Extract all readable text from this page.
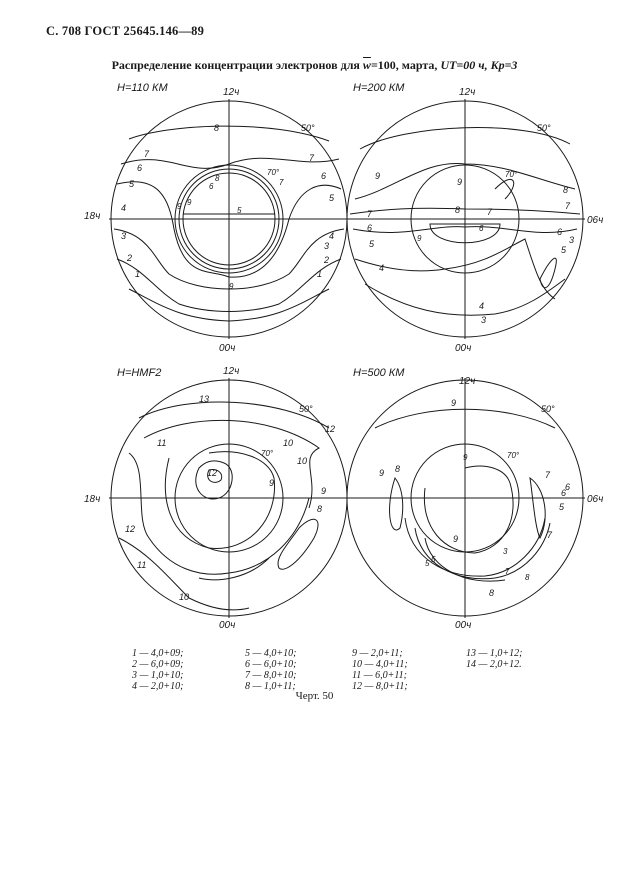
С. 708 ГОСТ 25645.146—89
Распределение концентрации электронов для $\overline{w}=100$, марта, UT=00 ч, Kp=3
H=110 КМ	12ч
18ч
00ч
50°
70°
8
7	7
6
6
5
5
4
4
3
3
2	2
1	1
8
9
9
5
9
7
6
H=200 КМ	12ч
06ч
00ч
50°
70°
9
9
8
8
7	7
7
6	6
5
5
4
4
3
3
9
6
H=HMF2	12ч
18ч
00ч
50°
70°
13
12
11	10
10
12
9
9
8
12
11
10
H=500 КМ
12ч
06ч
00ч
50°
70°
9
9 8
9
7
6
5
5
7
9
8
6
5
3
7
8
1 — 4,0+09;
2 — 6,0+09;
3 — 1,0+10;
4 — 2,0+10;
5 — 4,0+10;
6 — 6,0+10;
7 — 8,0+10;
8 — 1,0+11;
9 — 2,0+11;
10 — 4,0+11;
11 — 6,0+11;
12 — 8,0+11;
13 — 1,0+12;
14 — 2,0+12.
Черт. 50
